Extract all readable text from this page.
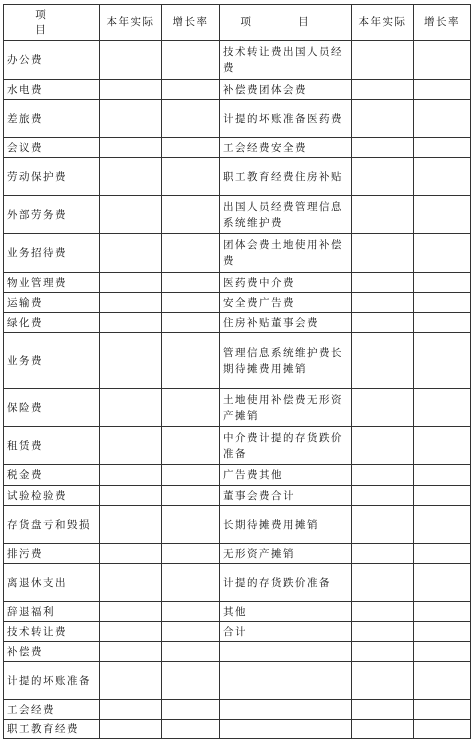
项 目	本年实际	增长率	项 目	本年实际	增长率
办公费			技术转让费出国人员经费		
水电费			补偿费团体会费		
差旅费			计提的坏账准备医药费		
会议费			工会经费安全费		
劳动保护费			职工教育经费住房补贴		
外部劳务费			出国人员经费管理信息系统维护费		
业务招待费			团体会费土地使用补偿费		
物业管理费			医药费中介费		
运输费			安全费广告费		
绿化费			住房补贴董事会费		
业务费			管理信息系统维护费长期待摊费用摊销		
保险费			土地使用补偿费无形资产摊销		
租赁费			中介费计提的存货跌价准备		
税金费			广告费其他		
试验检验费			董事会费合计		
存货盘亏和毁损			长期待摊费用摊销		
排污费			无形资产摊销		
离退休支出			计提的存货跌价准备		
辞退福利			其他		
技术转让费			合计		
补偿费					
计提的坏账准备					
工会经费					
职工教育经费					
